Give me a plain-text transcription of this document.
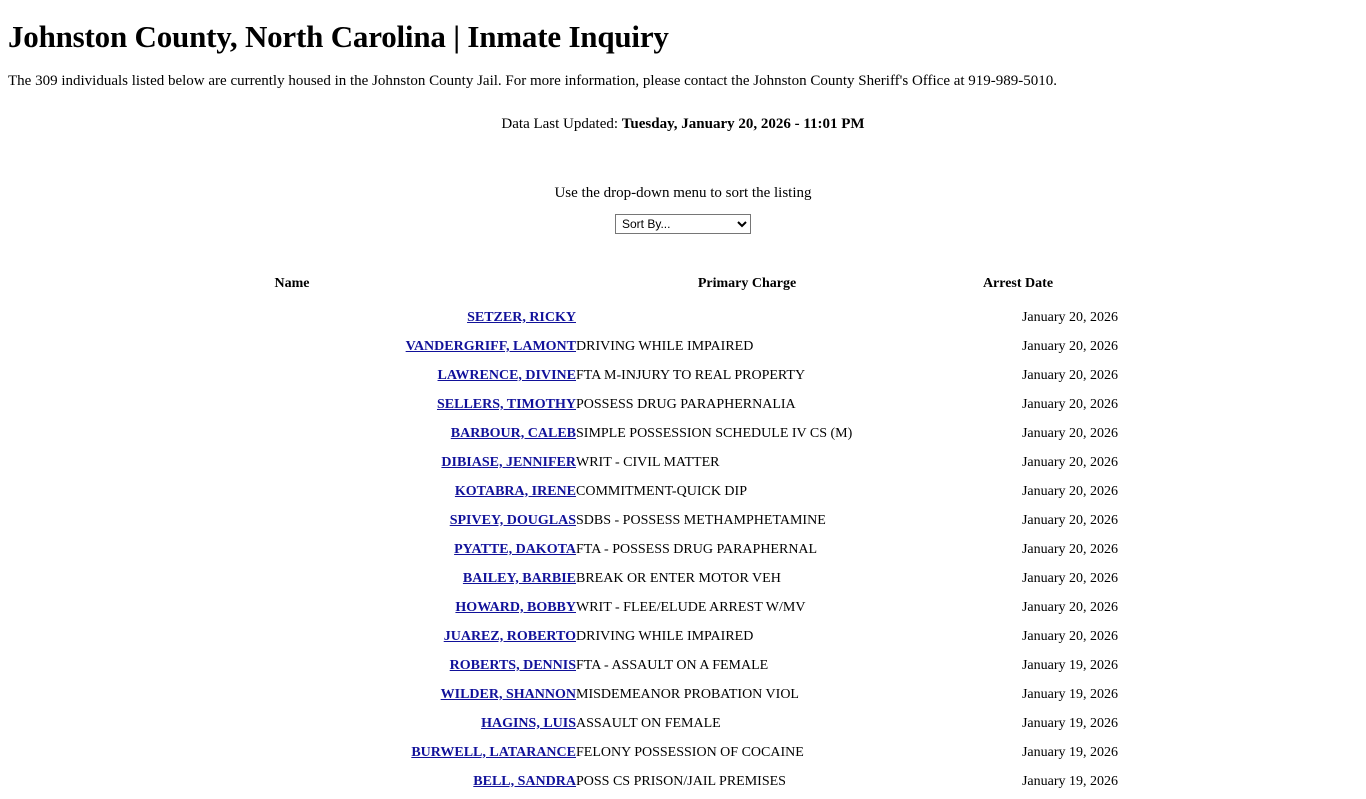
Johnston County, North Carolina | Inmate Inquiry

The 309 individuals listed below are currently housed in the Johnston County Jail. For more information, please contact the Johnston County Sheriff's Office at 919-989-5010.

Data Last Updated: Tuesday, January 20, 2026 - 11:01 PM
Use the drop-down menu to sort the listing
Sort By...
Name	Primary Charge	Arrest Date	
SETZER, RICKY		January 20, 2026	
VANDERGRIFF, LAMONT	DRIVING WHILE IMPAIRED	January 20, 2026	
LAWRENCE, DIVINE	FTA M-INJURY TO REAL PROPERTY	January 20, 2026	
SELLERS, TIMOTHY	POSSESS DRUG PARAPHERNALIA	January 20, 2026	
BARBOUR, CALEB	SIMPLE POSSESSION SCHEDULE IV CS (M)	January 20, 2026	
DIBIASE, JENNIFER	WRIT - CIVIL MATTER	January 20, 2026	
KOTABRA, IRENE	COMMITMENT-QUICK DIP	January 20, 2026	
SPIVEY, DOUGLAS	SDBS - POSSESS METHAMPHETAMINE	January 20, 2026	
PYATTE, DAKOTA	FTA - POSSESS DRUG PARAPHERNAL	January 20, 2026	
BAILEY, BARBIE	BREAK OR ENTER MOTOR VEH	January 20, 2026	
HOWARD, BOBBY	WRIT - FLEE/ELUDE ARREST W/MV	January 20, 2026	
JUAREZ, ROBERTO	DRIVING WHILE IMPAIRED	January 20, 2026	
ROBERTS, DENNIS	FTA - ASSAULT ON A FEMALE	January 19, 2026	
WILDER, SHANNON	MISDEMEANOR PROBATION VIOL	January 19, 2026	
HAGINS, LUIS	ASSAULT ON FEMALE	January 19, 2026	
BURWELL, LATARANCE	FELONY POSSESSION OF COCAINE	January 19, 2026	
BELL, SANDRA	POSS CS PRISON/JAIL PREMISES	January 19, 2026	
